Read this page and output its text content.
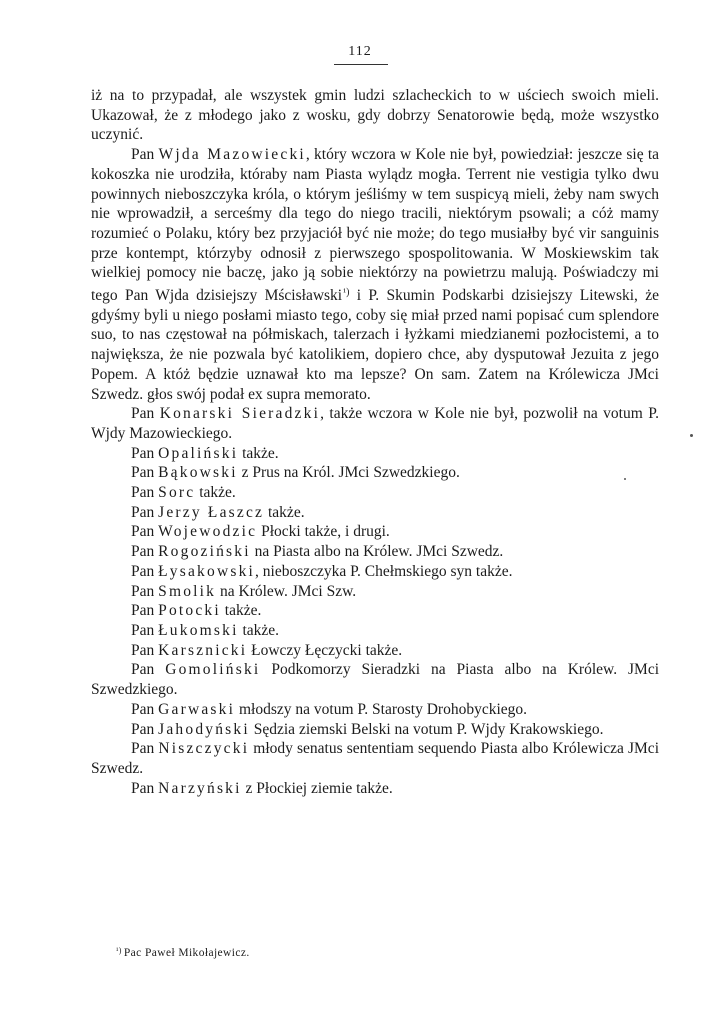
112

iż na to przypadał, ale wszystek gmin ludzi szlacheckich to w uściech swoich mieli. Ukazował, że z młodego jako z wosku, gdy dobrzy Senatorowie będą, może wszystko uczynić.

Pan Wjda Mazowiecki, który wczora w Kole nie był, powiedział: jeszcze się ta kokoszka nie urodziła, któraby nam Piasta wylądz mogła. Terrent nie vestigia tylko dwu powinnych nieboszczyka króla, o którym jeśliśmy w tem suspicyą mieli, żeby nam swych nie wprowadził, a serceśmy dla tego do niego tracili, niektórym psowali; a cóż mamy rozumieć o Polaku, który bez przyjaciół być nie może; do tego musiałby być vir sanguinis prze kontempt, którzyby odnosił z pierwszego spospolitowania. W Moskiewskim tak wielkiej pomocy nie baczę, jako ją sobie niektórzy na powietrzu malują. Poświadczy mi tego Pan Wjda dzisiejszy Mścisławski$^{^1)}$ i P. Skumin Podskarbi dzisiejszy Litewski, że gdyśmy byli u niego posłami miasto tego, coby się miał przed nami popisać cum splendore suo, to nas częstował na półmiskach, talerzach i łyżkami miedzianemi pozłocistemi, a to największa, że nie pozwala być katolikiem, dopiero chce, aby dysputował Jezuita z jego Popem. A któż będzie uznawał kto ma lepsze? On sam. Zatem na Królewicza JMci Szwedz. głos swój podał ex supra memorato.

Pan Konarski Sieradzki, także wczora w Kole nie był, pozwolił na votum P. Wjdy Mazowieckiego.

Pan Opaliński także.

Pan Bąkowski z Prus na Król. JMci Szwedzkiego.

Pan Sorc także.

Pan Jerzy Łaszcz także.

Pan Wojewodzic Płocki także, i drugi.

Pan Rogoziński na Piasta albo na Królew. JMci Szwedz.

Pan Łysakowski, nieboszczyka P. Chełmskiego syn także.

Pan Smolik na Królew. JMci Szw.

Pan Potocki także.

Pan Łukomski także.

Pan Karsznicki Łowczy Łęczycki także.

Pan Gomoliński Podkomorzy Sieradzki na Piasta albo na Królew. JMci Szwedzkiego.

Pan Garwaski młodszy na votum P. Starosty Drohobyckiego.

Pan Jahodyński Sędzia ziemski Belski na votum P. Wjdy Krakowskiego.

Pan Niszczycki młody senatus sententiam sequendo Piasta albo Królewicza JMci Szwedz.

Pan Narzyński z Płockiej ziemie także.

$^{^1)}$ Pac Paweł Mikołajewicz.
